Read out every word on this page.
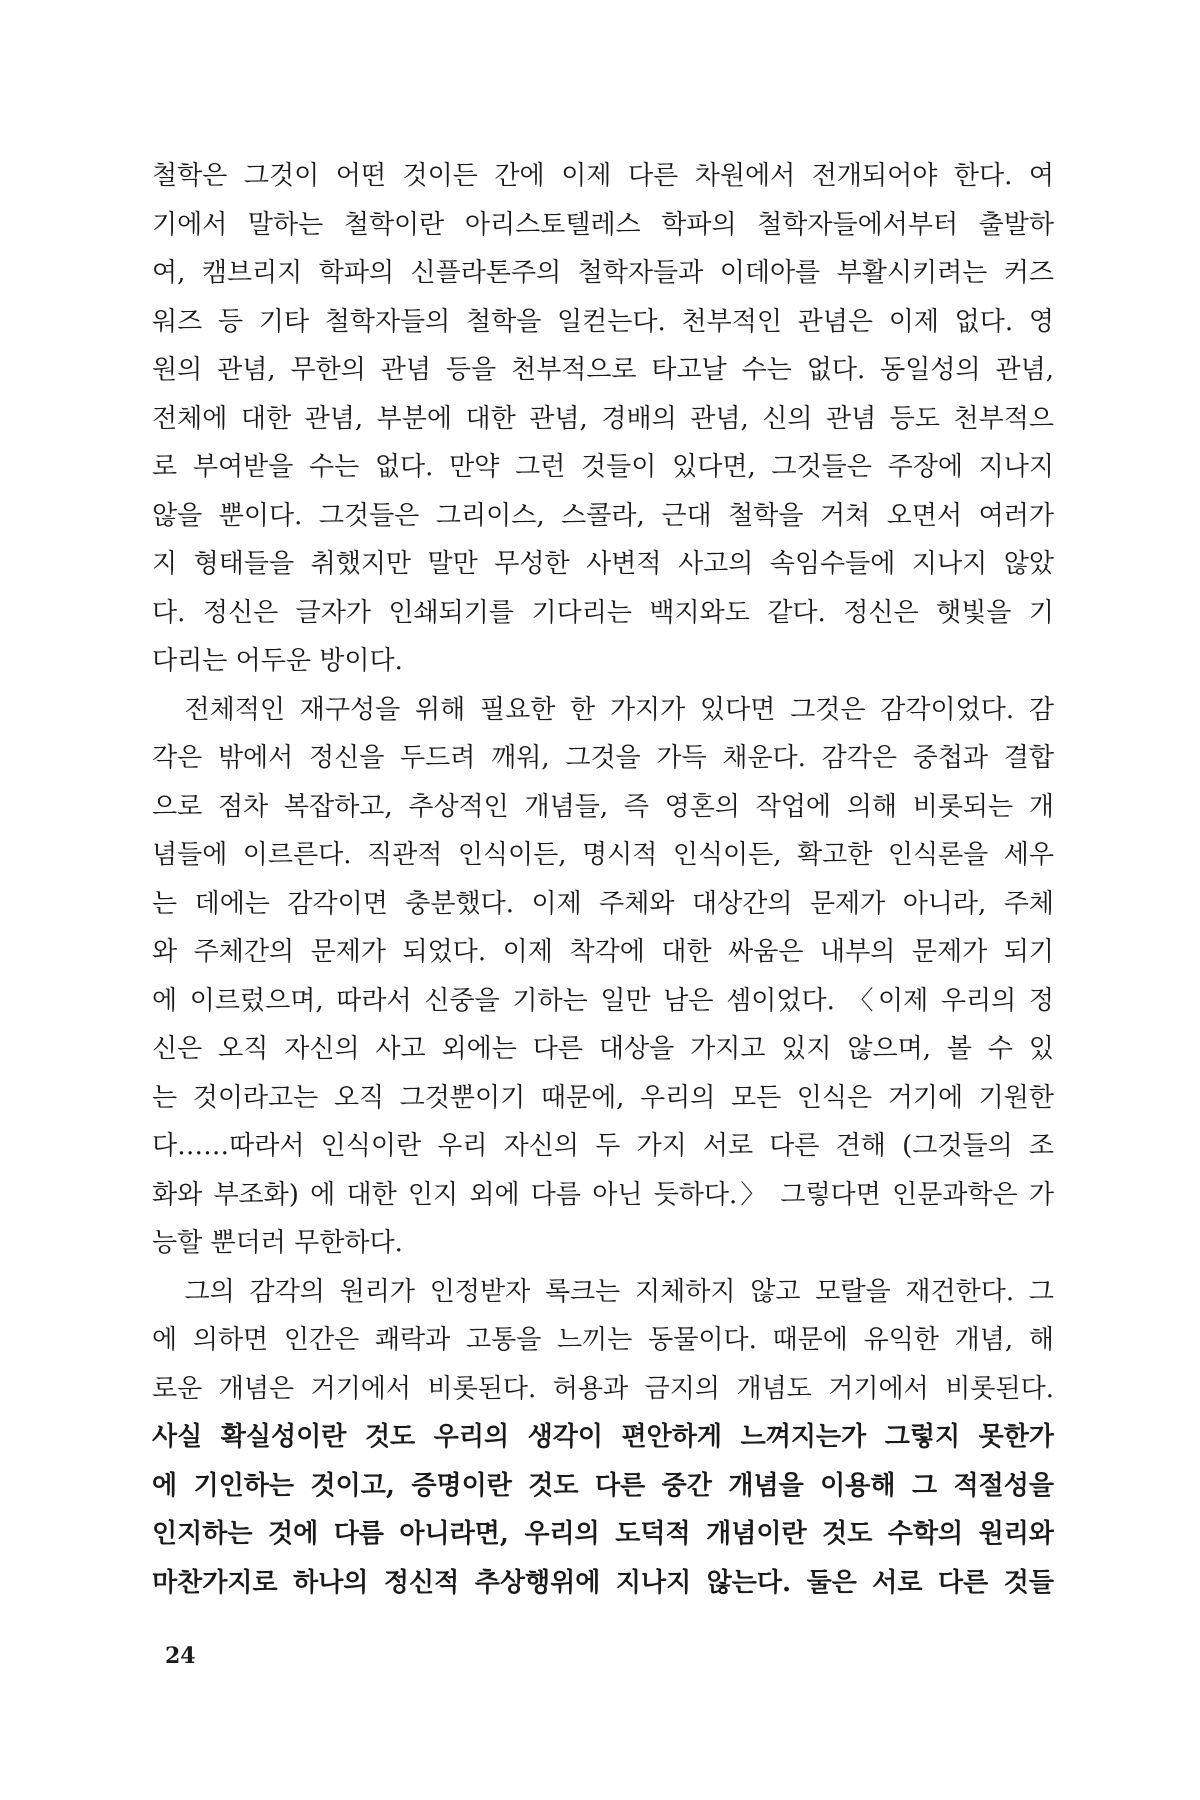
철학은 그것이 어떤 것이든 간에 이제 다른 차원에서 전개되어야 한다. 여
기에서 말하는 철학이란 아리스토텔레스 학파의 철학자들에서부터 출발하
여, 캠브리지 학파의 신플라톤주의 철학자들과 이데아를 부활시키려는 커즈
워즈 등 기타 철학자들의 철학을 일컫는다. 천부적인 관념은 이제 없다. 영
원의 관념, 무한의 관념 등을 천부적으로 타고날 수는 없다. 동일성의 관념,
전체에 대한 관념, 부분에 대한 관념, 경배의 관념, 신의 관념 등도 천부적으
로 부여받을 수는 없다. 만약 그런 것들이 있다면, 그것들은 주장에 지나지
않을 뿐이다. 그것들은 그리이스, 스콜라, 근대 철학을 거쳐 오면서 여러가
지 형태들을 취했지만 말만 무성한 사변적 사고의 속임수들에 지나지 않았
다. 정신은 글자가 인쇄되기를 기다리는 백지와도 같다. 정신은 햇빛을 기
다리는 어두운 방이다.
　전체적인 재구성을 위해 필요한 한 가지가 있다면 그것은 감각이었다. 감
각은 밖에서 정신을 두드려 깨워, 그것을 가득 채운다. 감각은 중첩과 결합
으로 점차 복잡하고, 추상적인 개념들, 즉 영혼의 작업에 의해 비롯되는 개
념들에 이르른다. 직관적 인식이든, 명시적 인식이든, 확고한 인식론을 세우
는 데에는 감각이면 충분했다. 이제 주체와 대상간의 문제가 아니라, 주체
와 주체간의 문제가 되었다. 이제 착각에 대한 싸움은 내부의 문제가 되기
에 이르렀으며, 따라서 신중을 기하는 일만 남은 셈이었다. 〈이제 우리의 정
신은 오직 자신의 사고 외에는 다른 대상을 가지고 있지 않으며, 볼 수 있
는 것이라고는 오직 그것뿐이기 때문에, 우리의 모든 인식은 거기에 기원한
다……따라서 인식이란 우리 자신의 두 가지 서로 다른 견해 (그것들의 조
화와 부조화) 에 대한 인지 외에 다름 아닌 듯하다.〉 그렇다면 인문과학은 가
능할 뿐더러 무한하다.
　그의 감각의 원리가 인정받자 록크는 지체하지 않고 모랄을 재건한다. 그
에 의하면 인간은 쾌락과 고통을 느끼는 동물이다. 때문에 유익한 개념, 해
로운 개념은 거기에서 비롯된다. 허용과 금지의 개념도 거기에서 비롯된다.
사실 확실성이란 것도 우리의 생각이 편안하게 느껴지는가 그렇지 못한가
에 기인하는 것이고, 증명이란 것도 다른 중간 개념을 이용해 그 적절성을
인지하는 것에 다름 아니라면, 우리의 도덕적 개념이란 것도 수학의 원리와
마찬가지로 하나의 정신적 추상행위에 지나지 않는다. 둘은 서로 다른 것들
24
